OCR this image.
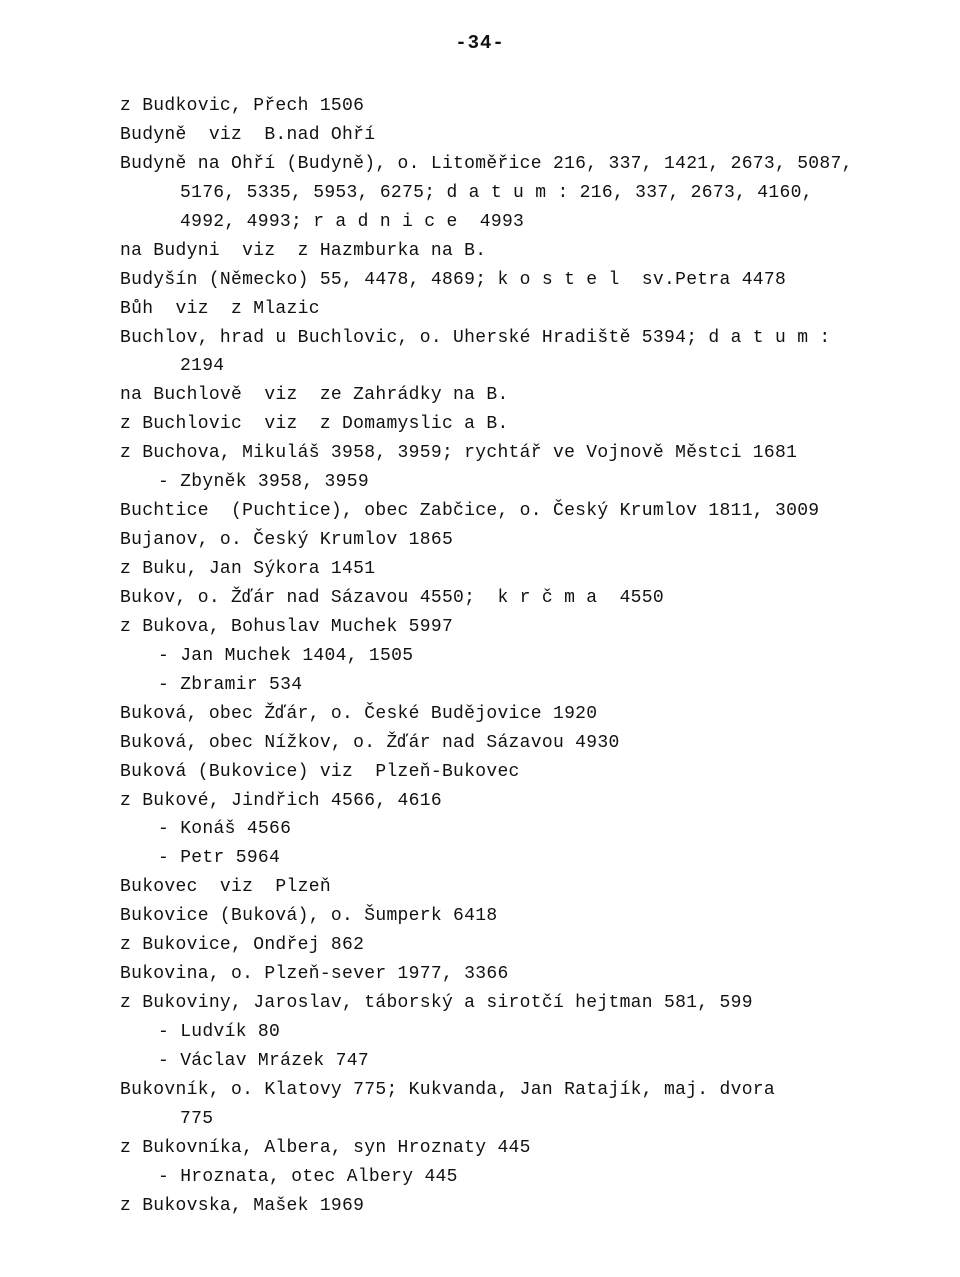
-34-
z Budkovic, Přech 1506
Budyně  viz  B.nad Ohří
Budyně na Ohří (Budyně), o. Litoměřice 216, 337, 1421, 2673, 5087,
5176, 5335, 5953, 6275; d a t u m : 216, 337, 2673, 4160,
4992, 4993; r a d n i c e  4993
na Budyni  viz  z Hazmburka na B.
Budyšín (Německo) 55, 4478, 4869; k o s t e l  sv.Petra 4478
Bůh  viz  z Mlazic
Buchlov, hrad u Buchlovic, o. Uherské Hradiště 5394; d a t u m :
2194
na Buchlově  viz  ze Zahrádky na B.
z Buchlovic  viz  z Domamyslic a B.
z Buchova, Mikuláš 3958, 3959; rychtář ve Vojnově Městci 1681
- Zbyněk 3958, 3959
Buchtice  (Puchtice), obec Zabčice, o. Český Krumlov 1811, 3009
Bujanov, o. Český Krumlov 1865
z Buku, Jan Sýkora 1451
Bukov, o. Žďár nad Sázavou 4550;  k r č m a  4550
z Bukova, Bohuslav Muchek 5997
- Jan Muchek 1404, 1505
- Zbramir 534
Buková, obec Žďár, o. České Budějovice 1920
Buková, obec Nížkov, o. Žďár nad Sázavou 4930
Buková (Bukovice) viz  Plzeň-Bukovec
z Bukové, Jindřich 4566, 4616
- Konáš 4566
- Petr 5964
Bukovec  viz  Plzeň
Bukovice (Buková), o. Šumperk 6418
z Bukovice, Ondřej 862
Bukovina, o. Plzeň-sever 1977, 3366
z Bukoviny, Jaroslav, táborský a sirotčí hejtman 581, 599
- Ludvík 80
- Václav Mrázek 747
Bukovník, o. Klatovy 775; Kukvanda, Jan Ratajík, maj. dvora
775
z Bukovníka, Albera, syn Hroznaty 445
- Hroznata, otec Albery 445
z Bukovska, Mašek 1969
